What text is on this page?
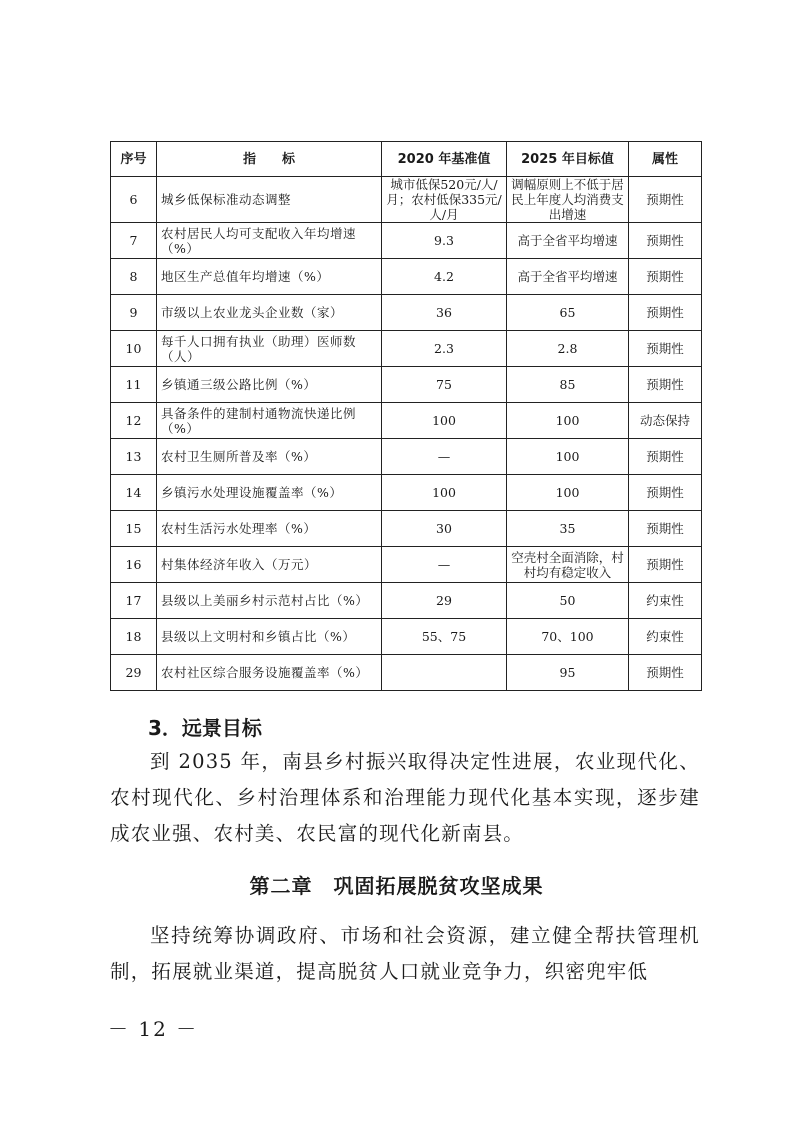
序号	指　　标	2020 年基准值	2025 年目标值	属性
6	城乡低保标准动态调整	城市低保520元/人/月；农村低保335元/人/月	调幅原则上不低于居民上年度人均消费支出增速	预期性
7	农村居民人均可支配收入年均增速（%）	9.3	高于全省平均增速	预期性
8	地区生产总值年均增速（%）	4.2	高于全省平均增速	预期性
9	市级以上农业龙头企业数（家）	36	65	预期性
10	每千人口拥有执业（助理）医师数（人）	2.3	2.8	预期性
11	乡镇通三级公路比例（%）	75	85	预期性
12	具备条件的建制村通物流快递比例（%）	100	100	动态保持
13	农村卫生厕所普及率（%）	—	100	预期性
14	乡镇污水处理设施覆盖率（%）	100	100	预期性
15	农村生活污水处理率（%）	30	35	预期性
16	村集体经济年收入（万元）	—	空壳村全面消除，村村均有稳定收入	预期性
17	县级以上美丽乡村示范村占比（%）	29	50	约束性
18	县级以上文明村和乡镇占比（%）	55、75	70、100	约束性
29	农村社区综合服务设施覆盖率（%）		95	预期性
3．远景目标
到 2035 年，南县乡村振兴取得决定性进展，农业现代化、农村现代化、乡村治理体系和治理能力现代化基本实现，逐步建成农业强、农村美、农民富的现代化新南县。
第二章　巩固拓展脱贫攻坚成果
坚持统筹协调政府、市场和社会资源，建立健全帮扶管理机制，拓展就业渠道，提高脱贫人口就业竞争力，织密兜牢低
－ 12 －
